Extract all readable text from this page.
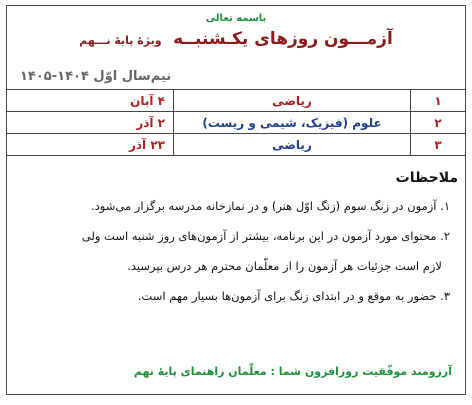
باسمه تعالی
آزمـــون روزهای یکـشنبــه ویژهٔ پایهٔ نـــهم
نیم‌سال اوّل ۱۴۰۴-۱۴۰۵
۱	ریاضی	۴ آبان
۲	علوم (فیزیک، شیمی و زیست)	۲ آذر
۳	ریاضی	۲۳ آذر
ملاحظات
۱. آزمون در زنگ سوم (زنگ اوّل هنر) و در نمازخانه مدرسه برگزار می‌شود.
۲. محتوای مورد آزمون در این برنامه، بیشتر از آزمون‌های روز شنبه است ولی
لازم است جزئیات هر آزمون را از معلّمان محترم هر درس بپرسید.
۳. حضور به موقع و در ابتدای زنگ برای آزمون‌ها بسیار مهم است.
آرزومند موفّقیت روزافزون شما : معلّمان راهنمای پایهٔ نهم
